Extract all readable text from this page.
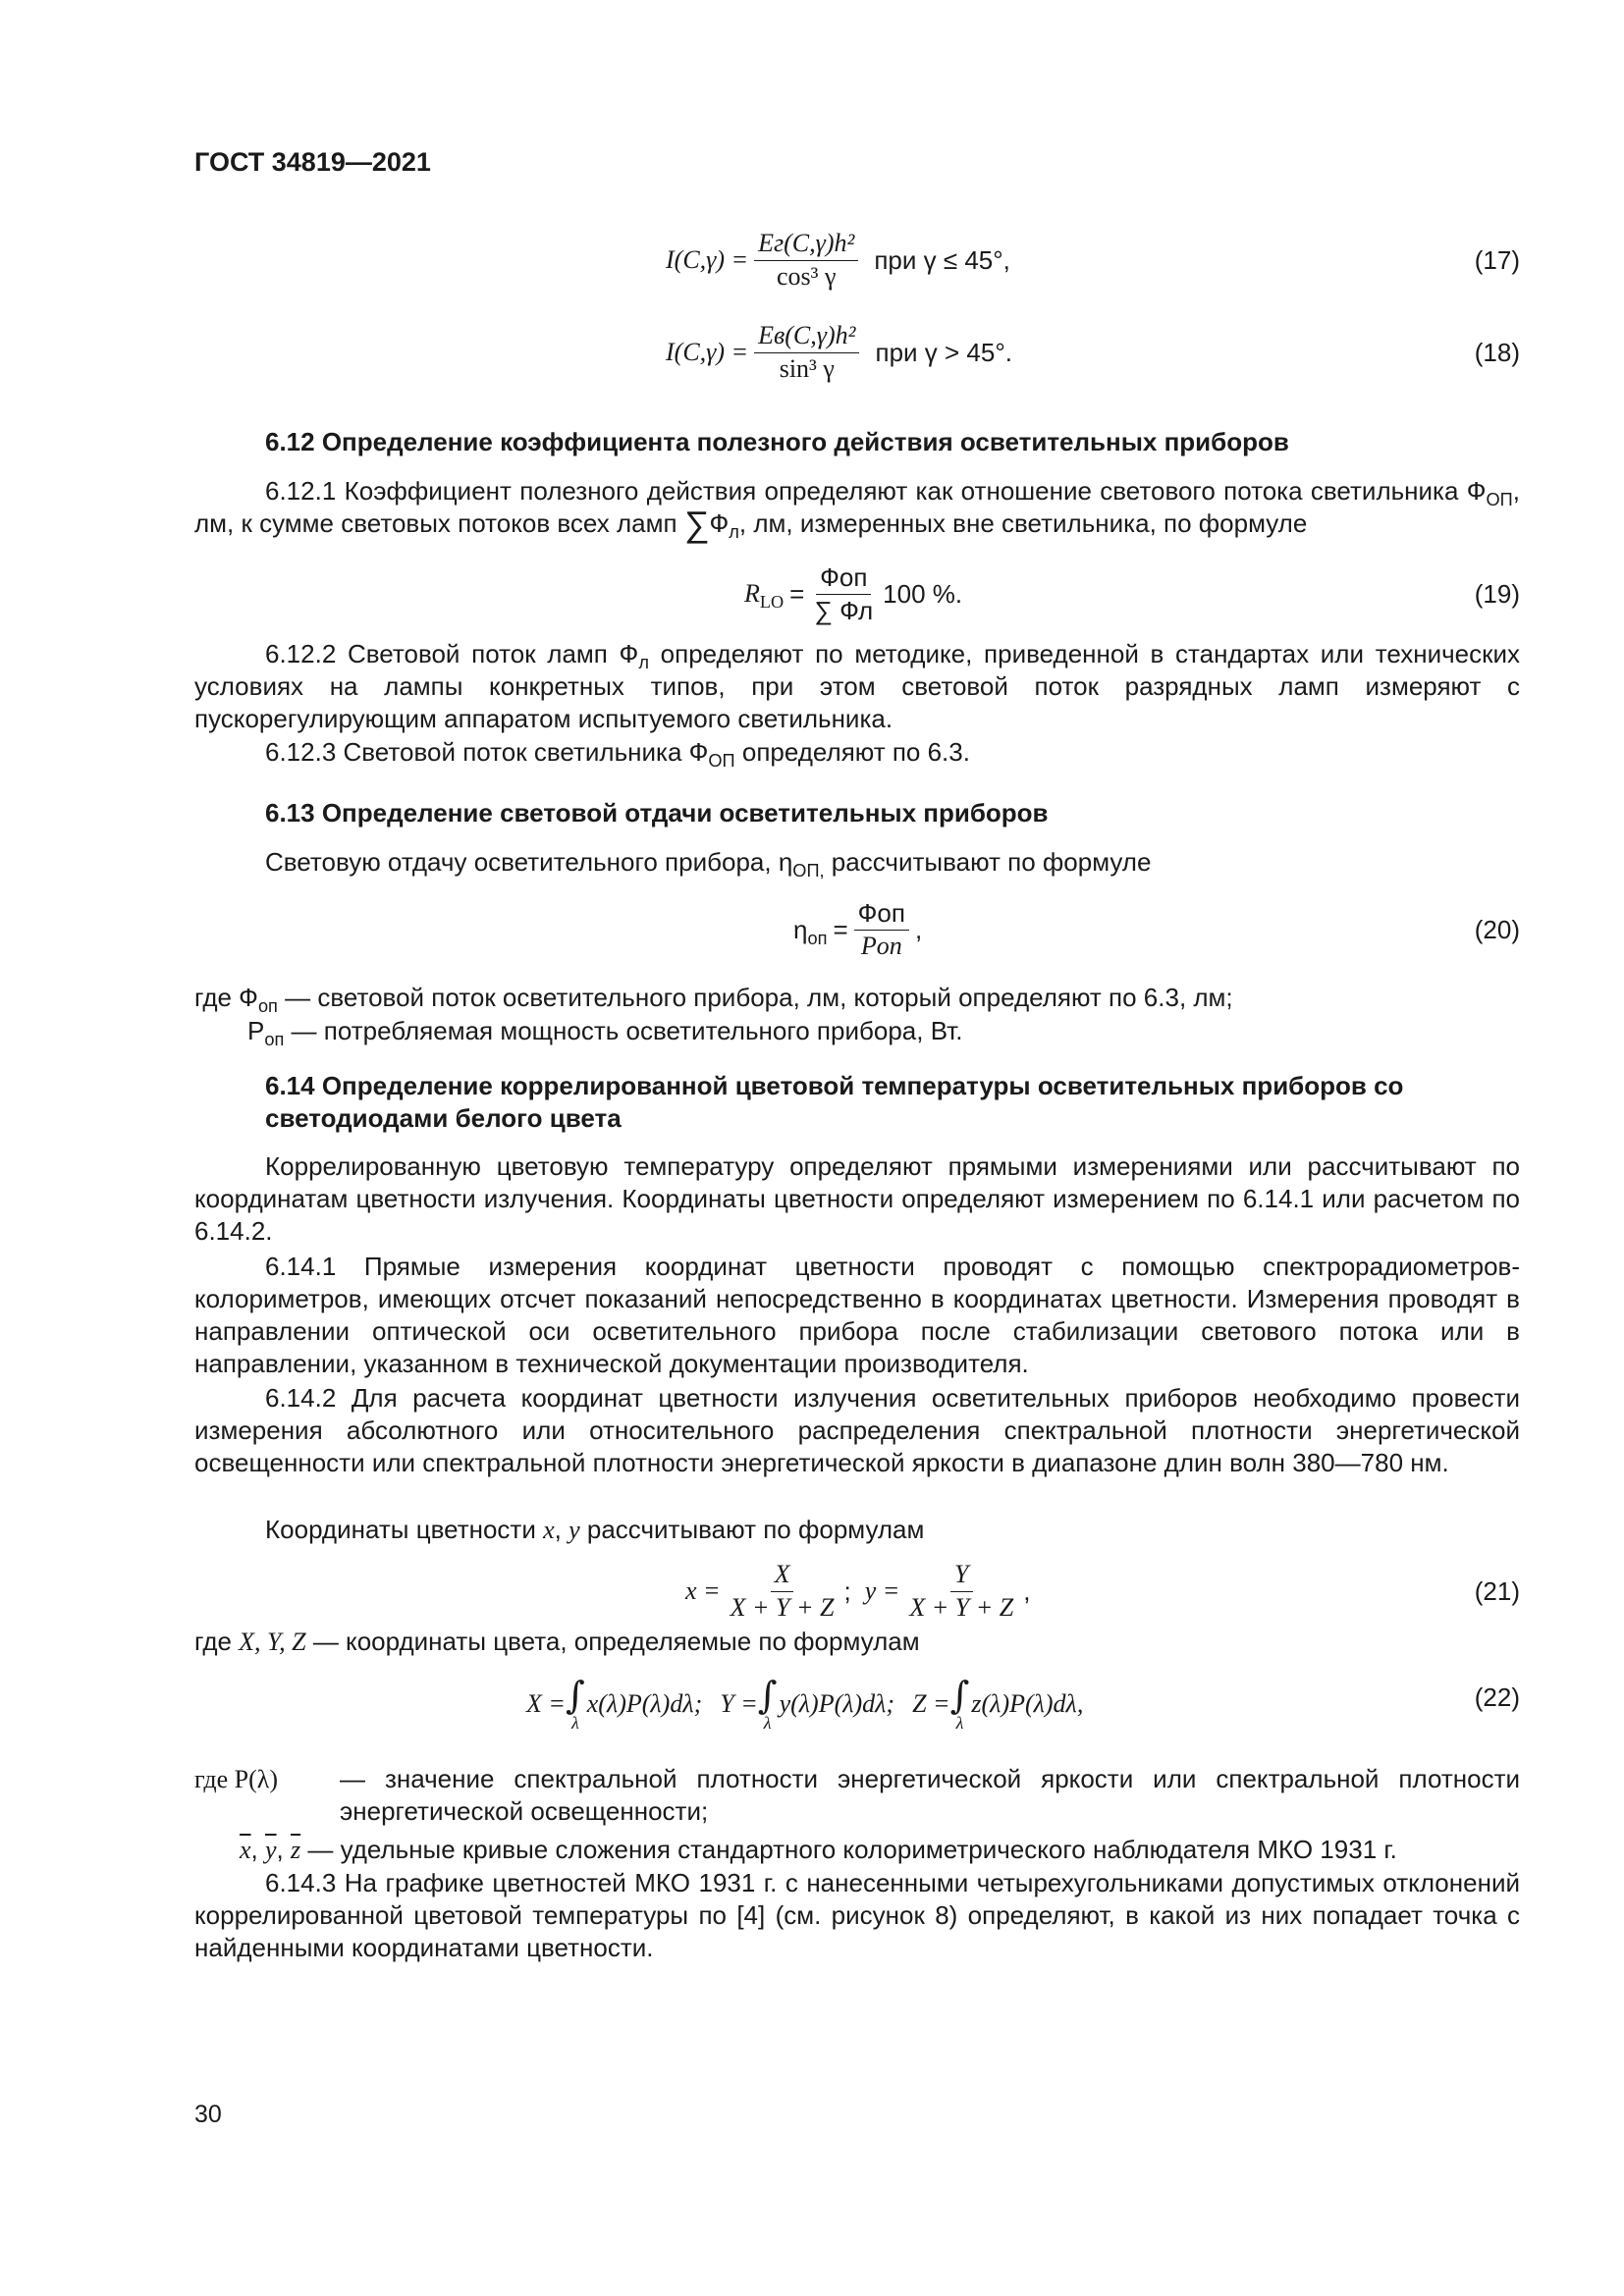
ГОСТ 34819—2021
$I(C,\gamma) = \frac{\text{Eг(C,γ)h²}}{\text{cos³ γ}}$ при γ ≤ 45°,	(17)
$I(C,\gamma) = \frac{\text{Eв(C,γ)h²}}{\text{sin³ γ}}$ при γ > 45°.	(18)
6.12 Определение коэффициента полезного действия осветительных приборов
6.12.1 Коэффициент полезного действия определяют как отношение светового потока светильника $Ф_{ОП}$, лм, к сумме световых потоков всех ламп $\sum Ф_л$, лм, измеренных вне светильника, по формуле
$R_{LO} = \frac{\text{Фоп}}{\sum Фл} 100$ %.	(19)
6.12.2 Световой поток ламп $Ф_л$ определяют по методике, приведенной в стандартах или технических условиях на лампы конкретных типов, при этом световой поток разрядных ламп измеряют с пускорегулирующим аппаратом испытуемого светильника.
6.12.3 Световой поток светильника $Ф_{ОП}$ определяют по 6.3.
6.13 Определение световой отдачи осветительных приборов
Световую отдачу осветительного прибора, $\eta_{ОП,}$ рассчитывают по формуле
$\eta_{оп} = \frac{\text{Фоп}}{\text{Pоп}}$ ,	(20)
где $Ф_{оп}$ — световой поток осветительного прибора, лм, который определяют по 6.3, лм;
$P_{оп}$ — потребляемая мощность осветительного прибора, Вт.
6.14 Определение коррелированной цветовой температуры осветительных приборов со светодиодами белого цвета
Коррелированную цветовую температуру определяют прямыми измерениями или рассчитывают по координатам цветности излучения. Координаты цветности определяют измерением по 6.14.1 или расчетом по 6.14.2.
6.14.1 Прямые измерения координат цветности проводят с помощью спектрорадиометров-колориметров, имеющих отсчет показаний непосредственно в координатах цветности. Измерения проводят в направлении оптической оси осветительного прибора после стабилизации светового потока или в направлении, указанном в технической документации производителя.
6.14.2 Для расчета координат цветности излучения осветительных приборов необходимо провести измерения абсолютного или относительного распределения спектральной плотности энергетической освещенности или спектральной плотности энергетической яркости в диапазоне длин волн 380—780 нм.
Координаты цветности x, y рассчитывают по формулам
$x = \frac{X}{X + Y + Z}$ ; $y = \frac{Y}{X + Y + Z}$ ,	(21)
где X, Y, Z — координаты цвета, определяемые по формулам
X = ∫
λ
x(λ)P(λ)dλ; Y = ∫
λ
y(λ)P(λ)dλ; Z = ∫
λ
z(λ)P(λ)dλ,	(22)
где P(λ)	— значение спектральной плотности энергетической яркости или спектральной плотности энергетической освещенности;
$\overline{x}$, $\overline{y}$, $\overline{z}$ — удельные кривые сложения стандартного колориметрического наблюдателя МКО 1931 г.
6.14.3 На графике цветностей МКО 1931 г. с нанесенными четырехугольниками допустимых отклонений коррелированной цветовой температуры по [4] (см. рисунок 8) определяют, в какой из них попадает точка с найденными координатами цветности.
30
